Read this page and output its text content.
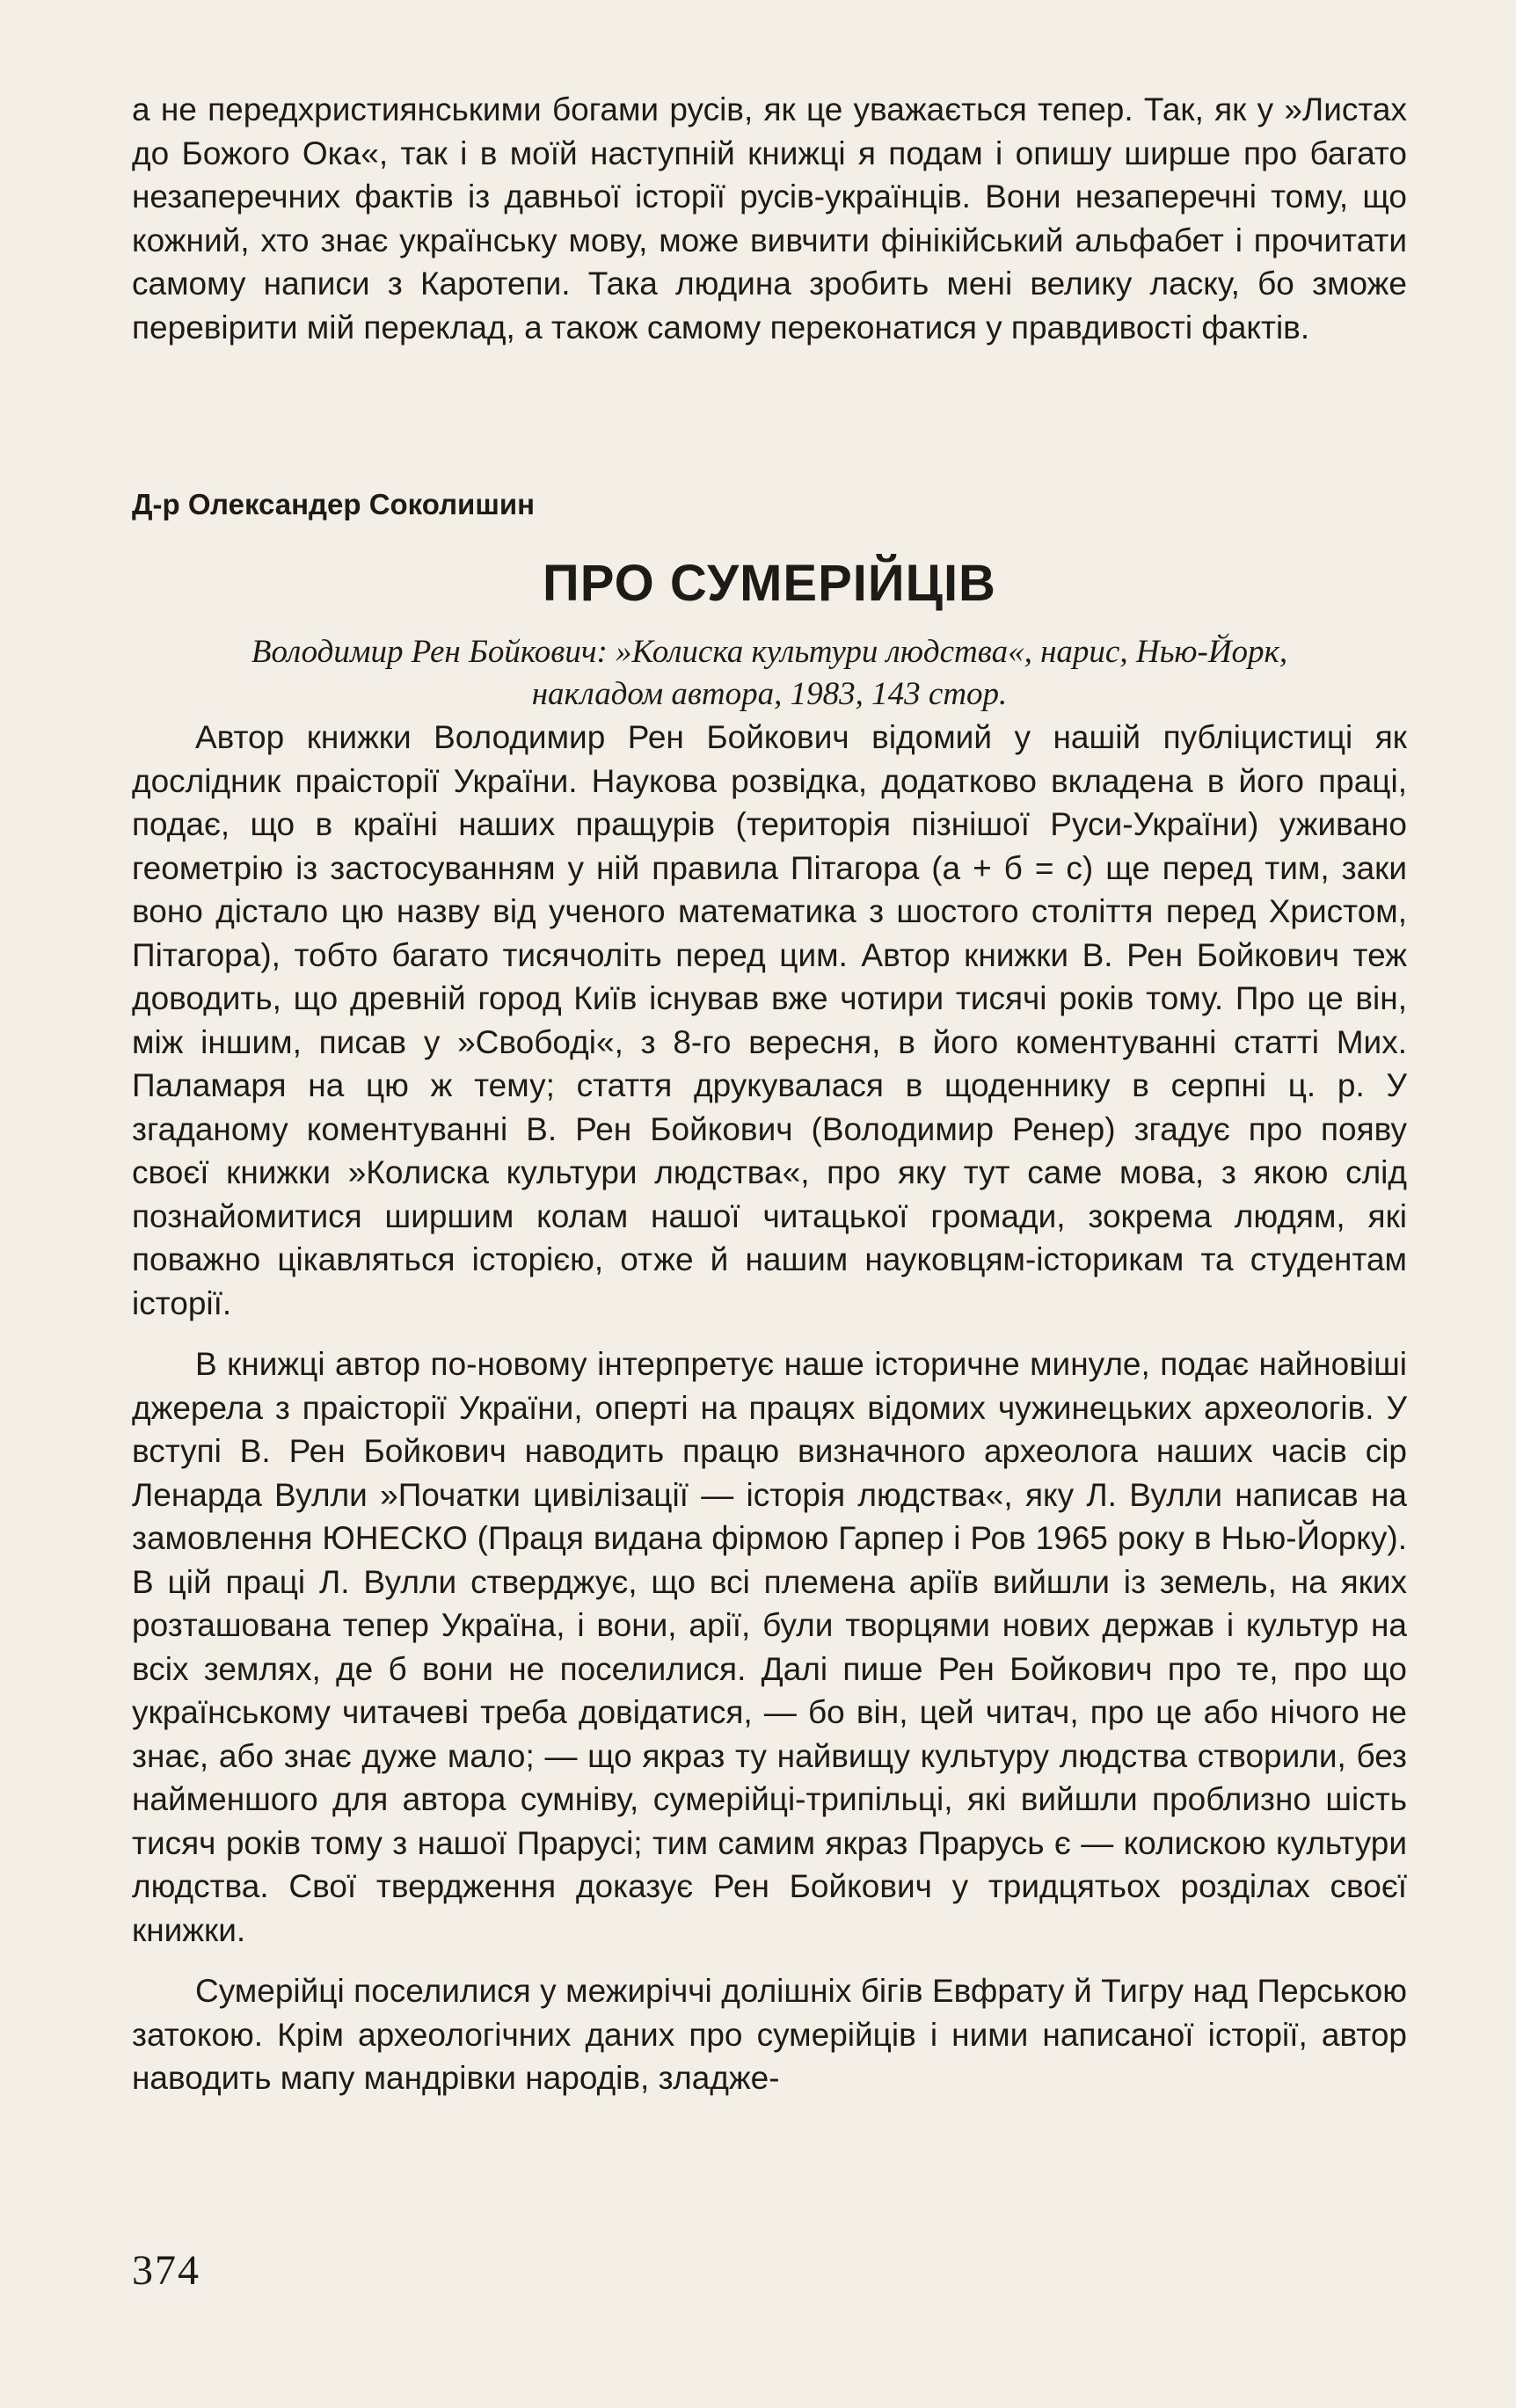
а не передхристиянськими богами русів, як це уважається тепер. Так, як у »Листах до Божого Ока«, так і в моїй наступній книжці я подам і опишу ширше про багато незаперечних фактів із давньої історії русів-українців. Вони незаперечні тому, що кожний, хто знає українську мову, може вивчити фінікійський альфабет і прочитати самому написи з Каротепи. Така людина зробить мені велику ласку, бо зможе перевірити мій переклад, а також самому переконатися у правдивості фактів.

Д-р Олександер Соколишин

ПРО СУМЕРІЙЦІВ

Володимир Рен Бойкович: »Колиска культури людства«, нарис, Нью-Йорк,
накладом автора, 1983, 143 стор.

Автор книжки Володимир Рен Бойкович відомий у нашій публіцистиці як дослідник праісторії України. Наукова розвідка, додатково вкладена в його праці, подає, що в країні наших пращурів (територія пізнішої Руси-України) уживано геометрію із застосуванням у ній правила Пітагора (а + б = с) ще перед тим, заки воно дістало цю назву від ученого математика з шостого століття перед Христом, Пітагора), тобто багато тисячоліть перед цим. Автор книжки В. Рен Бойкович теж доводить, що древній город Київ існував вже чотири тисячі років тому. Про це він, між іншим, писав у »Свободі«, з 8-го вересня, в його коментуванні статті Мих. Паламаря на цю ж тему; стаття друкувалася в щоденнику в серпні ц. р. У згаданому коментуванні В. Рен Бойкович (Володимир Ренер) згадує про появу своєї книжки »Колиска культури людства«, про яку тут саме мова, з якою слід познайомитися ширшим колам нашої читацької громади, зокрема людям, які поважно цікавляться історією, отже й нашим науковцям-історикам та студентам історії.

В книжці автор по-новому інтерпретує наше історичне минуле, подає найновіші джерела з праісторії України, оперті на працях відомих чужинецьких археологів. У вступі В. Рен Бойкович наводить працю визначного археолога наших часів сір Ленарда Вулли »Початки цивілізації — історія людства«, яку Л. Вулли написав на замовлення ЮНЕСКО (Праця видана фірмою Гарпер і Ров 1965 року в Нью-Йорку). В цій праці Л. Вулли стверджує, що всі племена аріїв вийшли із земель, на яких розташована тепер Україна, і вони, арії, були творцями нових держав і культур на всіх землях, де б вони не поселилися. Далі пише Рен Бойкович про те, про що українському читачеві треба довідатися, — бо він, цей читач, про це або нічого не знає, або знає дуже мало; — що якраз ту найвищу культуру людства створили, без найменшого для автора сумніву, сумерійці-трипільці, які вийшли проблизно шість тисяч років тому з нашої Прарусі; тим самим якраз Прарусь є — колискою культури людства. Свої твердження доказує Рен Бойкович у тридцятьох розділах своєї книжки.

Сумерійці поселилися у межиріччі долішніх бігів Евфрату й Тигру над Перською затокою. Крім археологічних даних про сумерійців і ними написаної історії, автор наводить мапу мандрівки народів, зладже-

374
